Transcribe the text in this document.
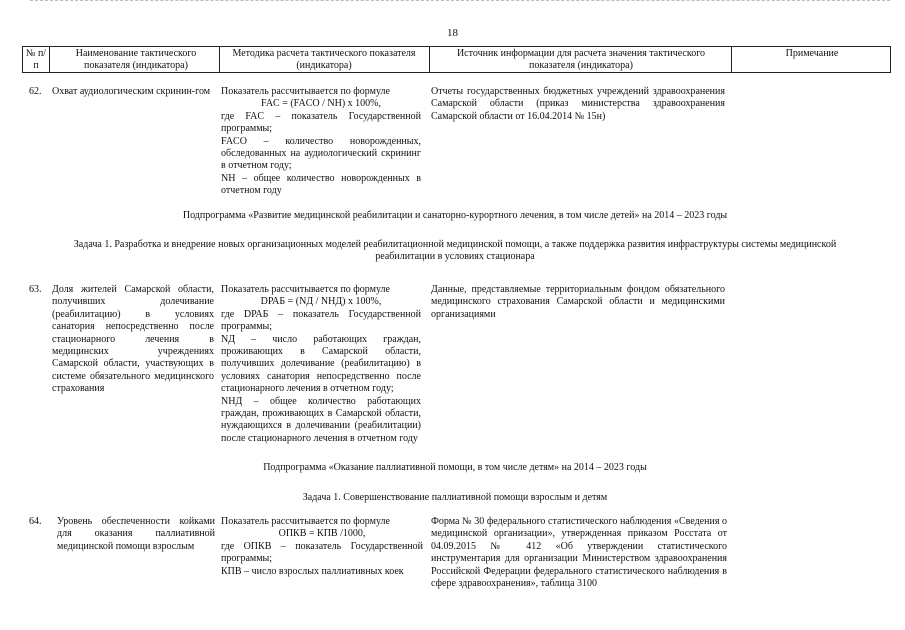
18
№ п/п
Наименование тактического показателя (индикатора)
Методика расчета тактического показателя (индикатора)
Источник информации для расчета значения тактического показателя (индикатора)
Примечание
62. Охват аудиологическим скринин-гом	Показатель рассчитывается по формуле
FAC = (FACO / NH) x 100%,
где FAC – показатель Государственной программы;
FACO – количество новорожденных, обследованных на аудиологический скрининг в отчетном году;
NH – общее количество новорожденных в отчетном году
Отчеты государственных бюджетных учреждений здравоохранения Самарской области (приказ министерства здравоохранения Самарской области от 16.04.2014 № 15н)
Подпрограмма «Развитие медицинской реабилитации и санаторно-курортного лечения, в том числе детей» на 2014 – 2023 годы
Задача 1. Разработка и внедрение новых организационных моделей реабилитационной медицинской помощи, а также поддержка развития инфраструктуры системы медицинской реабилитации в условиях стационара
63. Доля жителей Самарской области, получивших долечивание (реабилитацию) в условиях санатория непосредственно после стационарного лечения в медицинских учреждениях Самарской области, участвующих в системе обязательного медицинского страхования
Показатель рассчитывается по формуле
DРАБ = (NД / NНД) x 100%,
где DРАБ – показатель Государственной программы;
NД – число работающих граждан, проживающих в Самарской области, получивших долечивание (реабилитацию) в условиях санатория непосредственно после стационарного лечения в отчетном году;
NНД – общее количество работающих граждан, проживающих в Самарской области, нуждающихся в долечивании (реабилитации) после стационарного лечения в отчетном году
Данные, представляемые территориальным фондом обязательного медицинского страхования Самарской области и медицинскими организациями
Подпрограмма «Оказание паллиативной помощи, в том числе детям» на 2014 – 2023 годы
Задача 1. Совершенствование паллиативной помощи взрослым и детям
64. Уровень обеспеченности койками для оказания паллиативной медицинской помощи взрослым
Показатель рассчитывается по формуле
ОПКВ = КПВ /1000,
где ОПКВ – показатель Государственной программы;
КПВ – число взрослых паллиативных коек
Форма № 30 федерального статистического наблюдения «Сведения о медицинской организации», утвержденная приказом Росстата от 04.09.2015 № 412 «Об утверждении статистического инструментария для организации Министерством здравоохранения Российской Федерации федерального статистического наблюдения в сфере здравоохранения», таблица 3100
